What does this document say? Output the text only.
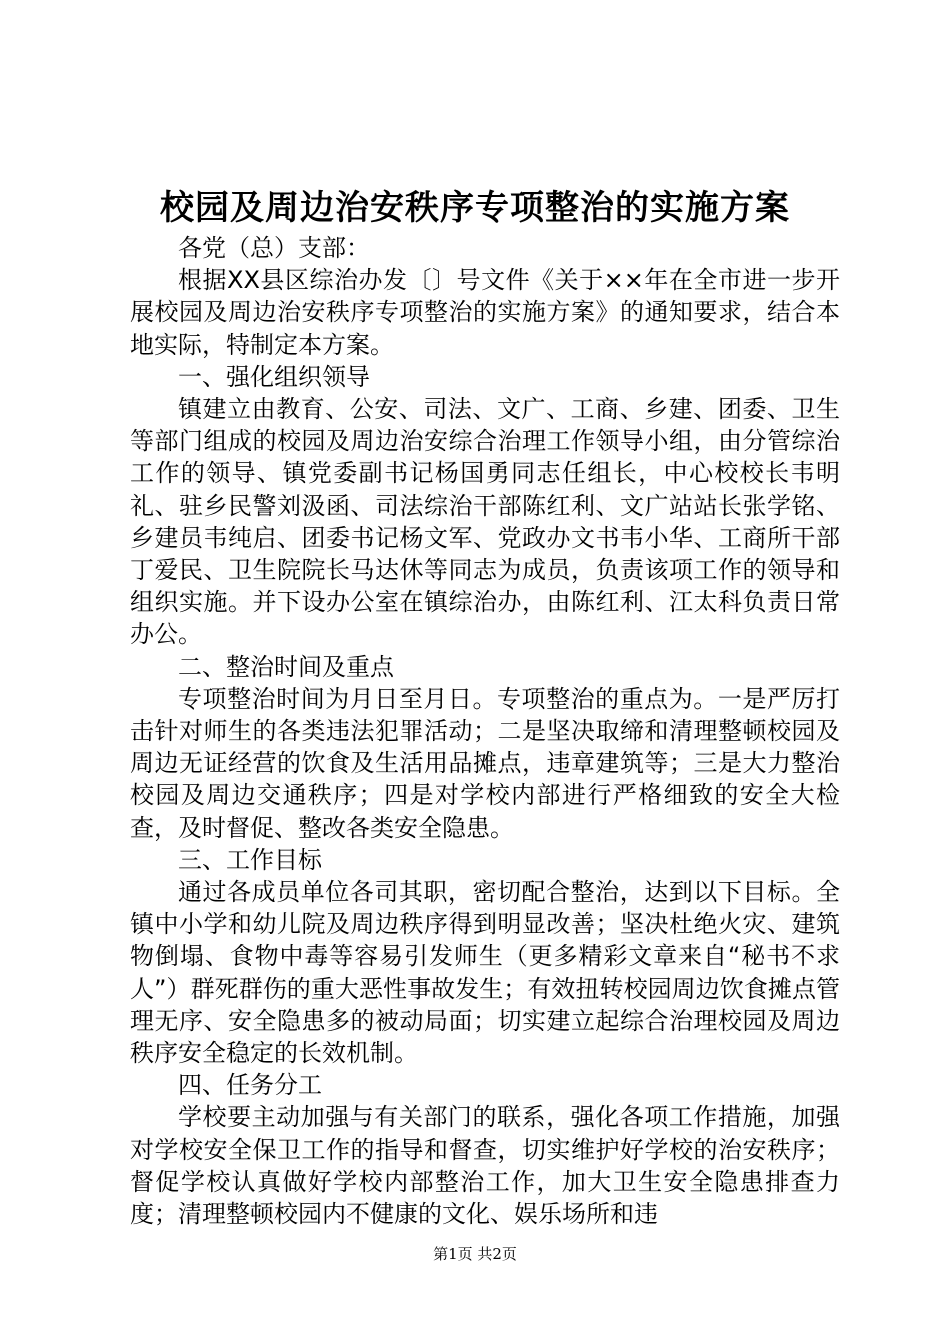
校园及周边治安秩序专项整治的实施方案

各党（总）支部：

根据XX县区综治办发〔〕号文件《关于××年在全市进一步开展校园及周边治安秩序专项整治的实施方案》的通知要求，结合本地实际，特制定本方案。

一、强化组织领导

镇建立由教育、公安、司法、文广、工商、乡建、团委、卫生等部门组成的校园及周边治安综合治理工作领导小组，由分管综治工作的领导、镇党委副书记杨国勇同志任组长，中心校校长韦明礼、驻乡民警刘汲函、司法综治干部陈红利、文广站站长张学铭、乡建员韦纯启、团委书记杨文军、党政办文书韦小华、工商所干部丁爱民、卫生院院长马达休等同志为成员，负责该项工作的领导和组织实施。并下设办公室在镇综治办，由陈红利、江太科负责日常办公。

二、整治时间及重点

专项整治时间为月日至月日。专项整治的重点为。一是严厉打击针对师生的各类违法犯罪活动；二是坚决取缔和清理整顿校园及周边无证经营的饮食及生活用品摊点，违章建筑等；三是大力整治校园及周边交通秩序；四是对学校内部进行严格细致的安全大检查，及时督促、整改各类安全隐患。

三、工作目标

通过各成员单位各司其职，密切配合整治，达到以下目标。全镇中小学和幼儿院及周边秩序得到明显改善；坚决杜绝火灾、建筑物倒塌、食物中毒等容易引发师生（更多精彩文章来自“秘书不求人”）群死群伤的重大恶性事故发生；有效扭转校园周边饮食摊点管理无序、安全隐患多的被动局面；切实建立起综合治理校园及周边秩序安全稳定的长效机制。

四、任务分工

学校要主动加强与有关部门的联系，强化各项工作措施，加强对学校安全保卫工作的指导和督查，切实维护好学校的治安秩序；督促学校认真做好学校内部整治工作，加大卫生安全隐患排查力度；清理整顿校园内不健康的文化、娱乐场所和违

第1页 共2页
